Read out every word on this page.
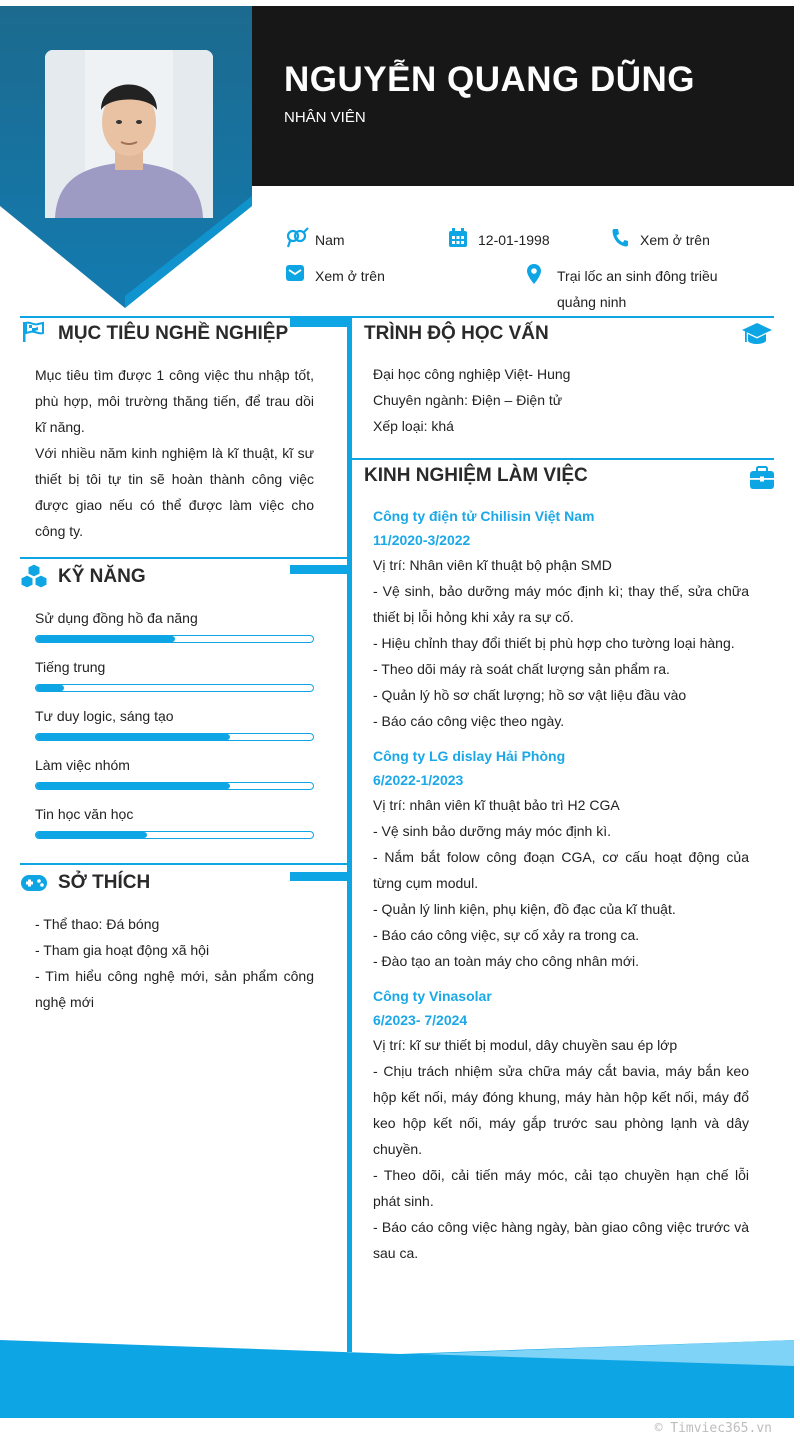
NGUYỄN QUANG DŨNG
NHÂN VIÊN
Nam	12-01-1998	Xem ở trên
Xem ở trên	Trại lốc an sinh đông triều
quảng ninh
MỤC TIÊU NGHỀ NGHIỆP

Mục tiêu tìm được 1 công việc thu nhập tốt, phù hợp, môi trường thăng tiến, để trau dồi kĩ năng.

Với nhiều năm kinh nghiệm là kĩ thuật, kĩ sư thiết bị tôi tự tin sẽ hoàn thành công việc được giao nếu có thể được làm việc cho công ty.

KỸ NĂNG
Sử dụng đồng hồ đa năng
Tiếng trung
Tư duy logic, sáng tạo
Làm việc nhóm
Tin học văn học
SỞ THÍCH

- Thể thao: Đá bóng

- Tham gia hoạt động xã hội

- Tìm hiểu công nghệ mới, sản phẩm công nghệ mới

TRÌNH ĐỘ HỌC VẤN

Đại học công nghiệp Việt- Hung

Chuyên ngành: Điện – Điện tử

Xếp loại: khá

KINH NGHIỆM LÀM VIỆC
Công ty điện tử Chilisin Việt Nam
11/2020-3/2022

Vị trí: Nhân viên kĩ thuật bộ phận SMD

- Vệ sinh, bảo dưỡng máy móc định kì; thay thế, sửa chữa thiết bị lỗi hỏng khi xảy ra sự cố.

- Hiệu chỉnh thay đổi thiết bị phù hợp cho tường loại hàng.

- Theo dõi máy rà soát chất lượng sản phẩm ra.

- Quản lý hồ sơ chất lượng; hồ sơ vật liệu đầu vào

- Báo cáo công việc theo ngày.

Công ty LG dislay Hải Phòng
6/2022-1/2023

Vị trí: nhân viên kĩ thuật bảo trì H2 CGA

- Vệ sinh bảo dưỡng máy móc định kì.

- Nắm bắt folow công đoạn CGA, cơ cấu hoạt động của từng cụm modul.

- Quản lý linh kiện, phụ kiện, đồ đạc của kĩ thuật.

- Báo cáo công việc, sự cố xảy ra trong ca.

- Đào tạo an toàn máy cho công nhân mới.

Công ty Vinasolar
6/2023- 7/2024

Vị trí: kĩ sư thiết bị modul, dây chuyền sau ép lớp

- Chịu trách nhiệm sửa chữa máy cắt bavia, máy bắn keo hộp kết nối, máy đóng khung, máy hàn hộp kết nối, máy đổ keo hộp kết nối, máy gắp trước sau phòng lạnh và dây chuyền.

- Theo dõi, cải tiến máy móc, cải tạo chuyền hạn chế lỗi phát sinh.

- Báo cáo công việc hàng ngày, bàn giao công việc trước và sau ca.

© Timviec365.vn
